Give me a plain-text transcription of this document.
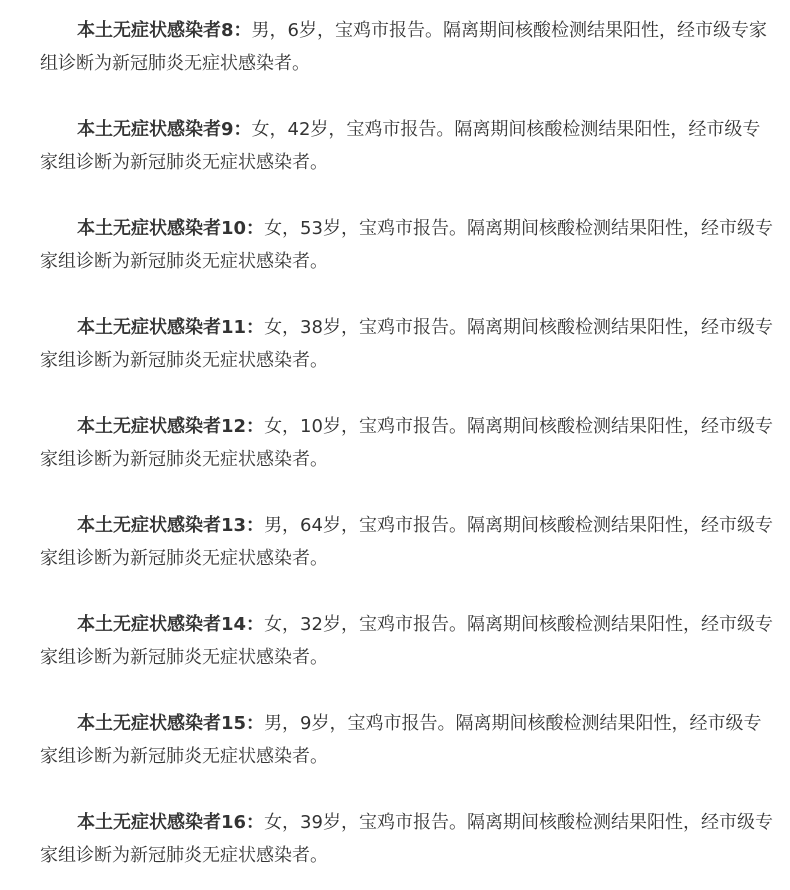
本土无症状感染者8：男，6岁，宝鸡市报告。隔离期间核酸检测结果阳性，经市级专家组诊断为新冠肺炎无症状感染者。

本土无症状感染者9：女，42岁，宝鸡市报告。隔离期间核酸检测结果阳性，经市级专家组诊断为新冠肺炎无症状感染者。

本土无症状感染者10：女，53岁，宝鸡市报告。隔离期间核酸检测结果阳性，经市级专家组诊断为新冠肺炎无症状感染者。

本土无症状感染者11：女，38岁，宝鸡市报告。隔离期间核酸检测结果阳性，经市级专家组诊断为新冠肺炎无症状感染者。

本土无症状感染者12：女，10岁，宝鸡市报告。隔离期间核酸检测结果阳性，经市级专家组诊断为新冠肺炎无症状感染者。

本土无症状感染者13：男，64岁，宝鸡市报告。隔离期间核酸检测结果阳性，经市级专家组诊断为新冠肺炎无症状感染者。

本土无症状感染者14：女，32岁，宝鸡市报告。隔离期间核酸检测结果阳性，经市级专家组诊断为新冠肺炎无症状感染者。

本土无症状感染者15：男，9岁，宝鸡市报告。隔离期间核酸检测结果阳性，经市级专家组诊断为新冠肺炎无症状感染者。

本土无症状感染者16：女，39岁，宝鸡市报告。隔离期间核酸检测结果阳性，经市级专家组诊断为新冠肺炎无症状感染者。
